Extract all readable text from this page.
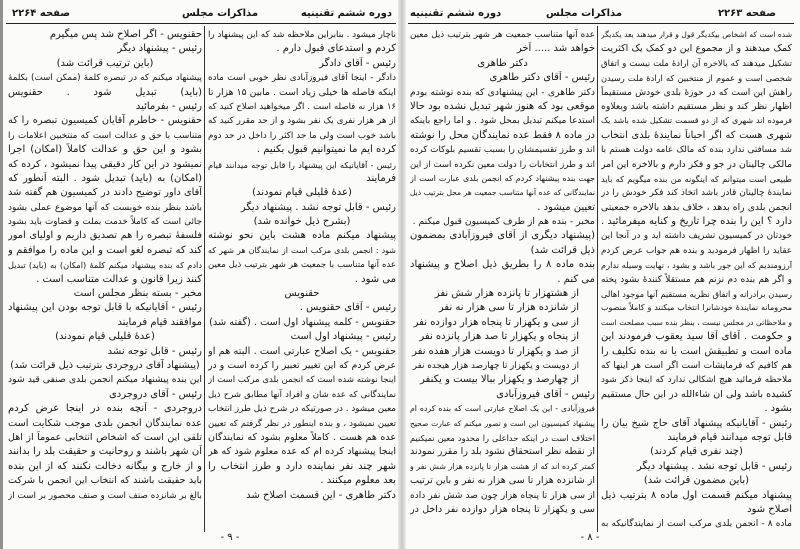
صفحه ۲۲۶۴	مذاکرات مجلس	دوره ششم تقنینیه
حقنویس - اگر اصلاح شد پس میگیرم
رئیس - پیشنهاد دیگر
(باین ترتیب قرائت شد)
پیشنهاد میکنم که در تبصره کلمۀ (ممکن است) بکلمۀ
(باید) تبدیل شود . حقنویس
رئیس - بفرمائید
حقنویس - خاطرم آقایان کمیسیون تبصره را که
متناسب با حق و عدالت است که منتخبین اعلامات را
بشود و این حق و عدالت کاملاً (امکان) اجرا
نمیشود در این کار دقیقی پیدا نمیشود ، کرده که
(امکان) به (باید) تبدیل شود . البته آنطور که
آقای داور توضیح دادند در کمیسیون هم گفته شد
باشد بنظر بنده خوبست که آنها موضوع عملی بشود
جائی است که کاملاً خدمت بملت و قضاوت باید بشود
فلسفۀ تبصره را هم تصدیق داریم و اولیای امور
کند که تبصره لغو است و این ماده را موافقم و
دادم که بنده پیشنهاد میکنم کلمۀ (امکان) به (باید) تبدیل
کنند زیرا قانون و عدالت متناسب است .
مخبر - بسته بنظر مجلس است
رئیس - آقایانیکه با قابل توجه بودن این پیشنهاد
موافقند قیام فرمایند
(عدۀ قلیلی قیام نمودند)
رئیس - قابل توجه نشد
(پیشنهاد آقای دروجردی بترتیب ذیل قرائت شد)
این بنده پیشنهاد میکنم انجمن بلدی صنفی قید شود
رئیس - آقای دروجردی
دروجردی - آنچه بنده در اینجا عرض کردم
عده نمایندگان انجمن بلدی موجب شکایت است
تلقی این است که اشخاص انتخابی عموماً از اهل
آن شهر باشند و روحانیت و حقیقت بلد را بدانند
و از خارج و بیگانه دخالت نکنند که از این بنده
باید حقیقت باشند که انتخاب این انجمن با شرکت
بالغ بر شانزده صنف است و صنف محصور بر است از
ناچار میشود . بنابراین ملاحظه شد که این پیشنهاد را
کردم و استدعای قبول دارم .
رئیس - آقای دادگر
دادگر - اینجا آقای فیروزآبادی نظر خوبی است ماده
اینکه فاصله ها خیلی زیاد است . مابین ۱۵ هزار تا
۱۶ هزار نه فاصله است . اگر میخواهید اصلاح کنید که
از هر هزار نفری یک نفر بشود و از حد مقرر کنید که
باشد خوب است ولی ما حد اکثر را داخل در حد دوم
کرده ایم ما نمیتوانیم قبول بکنیم .
رئیس - آقایانیکه این پیشنهاد را قابل توجه میدانند قیام
فرمایند
(عدۀ قلیلی قیام نمودند)
رئیس - قابل توجه نشد . پیشنهاد دیگر
(بشرح ذیل خوانده شد)
پیشنهاد میکنم ماده هشت باین نحو نوشته
شود : انجمن بلدی مرکب است از نمایندگان هر شهر که
عده آنها متناسب با جمعیت هر شهر بترتیب ذیل معین
می شود .
حقنویس
رئیس - آقای حقنویس .
حقنویس - کلمه پیشنهاد اول است . (گفته شد)
رئیس - پیشنهاد اول است
حقنویس - یک اصلاح عبارتی است . البته هم او
عرض کردم که این تغییر تعبیر را کرده است و در
اینجا نوشته شده است که انجمن بلدی مرکب است از
نمایندگانی که عده شان و افراد آنها مطابق شرح ذیل
معین میشود . در صورتیکه در شرح ذیل طرز انتخاب
تعیین نمیشود ، و بنده اینطور در نظر گرفتم که تعیین
عده هم هست . کاملاً معلوم بشود که نمایندگان
اینجا پیشنهاد کرده ام که عده معلوم شود که هر
شهر چند نفر نماینده دارد و طرز انتخاب را
بعد معلوم میکنند .
دکتر طاهری - این قسمت اصلاح شد
- ۹ -
دوره ششم تقنینیه	مذاکرات مجلس	صفحه ۲۲۶۳
عده آنها متناسب جمعیت هر شهر بترتیب ذیل معین
خواهد شد ..... آخر
دکتر طاهری
رئیس - آقای دکتر طاهری
دکتر طاهری - این پیشنهادی که بنده نوشته بودم
موقعی بود که هنوز شهر تبدیل نشده بود حالا
استدعا میکنم تبدیل بمحل شود . و اما راجع باینکه
در ماده ۸ فقط عده نمایندگان محل را نوشته
اند و طرز تقسیمشان را بسبب تقسیم بلوکات کرده
اند و طرز انتخابات را دولت معین نکرده است از این
جهت بنده پیشنهاد کردم که انجمن بلدی عبارت است از
نمایندگانی که عده آنها متناسب جمعیت هر محل بترتیب ذیل
تعیین میشود .
مخبر - بنده هم از طرف کمیسیون قبول میکنم .
(پیشنهاد دیگری از آقای فیروزآبادی بمضمون
ذیل قرائت شد)
بنده ماده ۸ را بطریق ذیل اصلاح و پیشنهاد
می کنم .
از هشتهزار تا پانزده هزار شش نفر
از شانزده هزار تا سی هزار نه نفر
از سی و یکهزار تا پنجاه هزار دوازده نفر
از پنجاه و یکهزار تا صد هزار پانزده نفر
از صد و یکهزار تا دویست هزار هفده نفر
از دویست و یکهزار تا چهارصد هزار هیجده نفر
از چهارصد و یکهزار ببالا بیست و یکنفر
رئیس - آقای فیروزآبادی
فیروزآبادی - این یک اصلاح عبارتی است که بنده کرده ام
پیشنهاد کمیسیون این است و تصور میکنم که عبارت صحیح
اختلاف است در اینکه حداعلی را محدود معین نمیکنیم
از نقطه نظر استحقاق نشود بلد را مقرر نمودند
کمتر کرده اند که از هشت هزار تا پانزده هزار شش نفر و
از شانزده هزار تا سی هزار نه نفر و باین ترتیب
از سی هزار تا پنجاه هزار چون صد شش نفر داده
سی و یکهزار تا پنجاه هزار دوازده نفر داخل در
شده است که اشخاص بیکدیگر قول و قرار میدهند بعد یکدیگر
کمک میدهند و از مجموع این دو کمک یک اکثریت
تشکیل میدهند که بالاخره آن ارادۀ ملت نیست و اتفاق
شخصی است و عموم از منتخبین که ارادۀ ملت رسیدن
راهش این است که در حوزۀ بلدی خودش مستقیماً
اظهار نظر کند و نظر مستقیم داشته باشد وبعلاوه
فرموده اند شهری که از دو قسمت تشکیل شده باشد یک
شهری هست که اگر احیاناً نمایندۀ بلدی انتخاب
شد مسافتی ندارد بنده که مالک عامه دولت هستم با
مالکی چالینان در جو و فکر دارم و بالاخره این امر
طبیعی است میتوانم که اینگونه من بنده میگویم که باید
نمایندۀ چالینان قادر باشد اتخاذ کند فکر خودش را در
انجمن بلدی راه بدهد ، خلاف بدهد بالاخره جمعیتی
دارد ؟ این را بنده چرا تاریخ و کنایه میفرمائید .
خودتان در کمیسیون تشریف داشته اید و در آنجا این
عقاید را اظهار فرمودید و بنده هم جواب عرض کردم
آرزومندیم که این جور باشد و بشود ، نهایت وسیله ندارم
و اگر هم بنده دم نزنم هم مستقلاً کنندۀ بشود پخته
رسیدن برادرانه و اتفاق نظریه مستقیم آنها موجود اهالی
محرومانه نمایندۀ خودشانرا انتخاب میکنند و کاملاً منصوب
و ملاحظاتی در مجلس نیست ، بنظر بنده سبب مصلحت است
و حکومت . آقای آقا سید یعقوب فرمودند این
ماده است و تطبیقش است یا نه بنده تکلیف را
هم کافیم که فرمایشات است اگر است هر اینها که
ملاحظه فرمائید هیچ اشکالی ندارد که اینجا ذکر شود
کشیده باشد ولی ان شاءالله در این حال مستقیم
بشود .
رئیس - آقایانیکه پیشنهاد آقای حاج شیخ بیان را
قابل توجه میدانند قیام فرمایند
(چند نفری قیام کردند)
رئیس - قابل توجه نشد . پیشنهاد دیگر
(باین مضمون قرائت شد)
پیشنهاد میکنم قسمت اول ماده ۸ بترتیب ذیل
اصلاح شود
ماده ۸ - انجمن بلدی مرکب است از نمایندگانیکه به
- ۸ -
